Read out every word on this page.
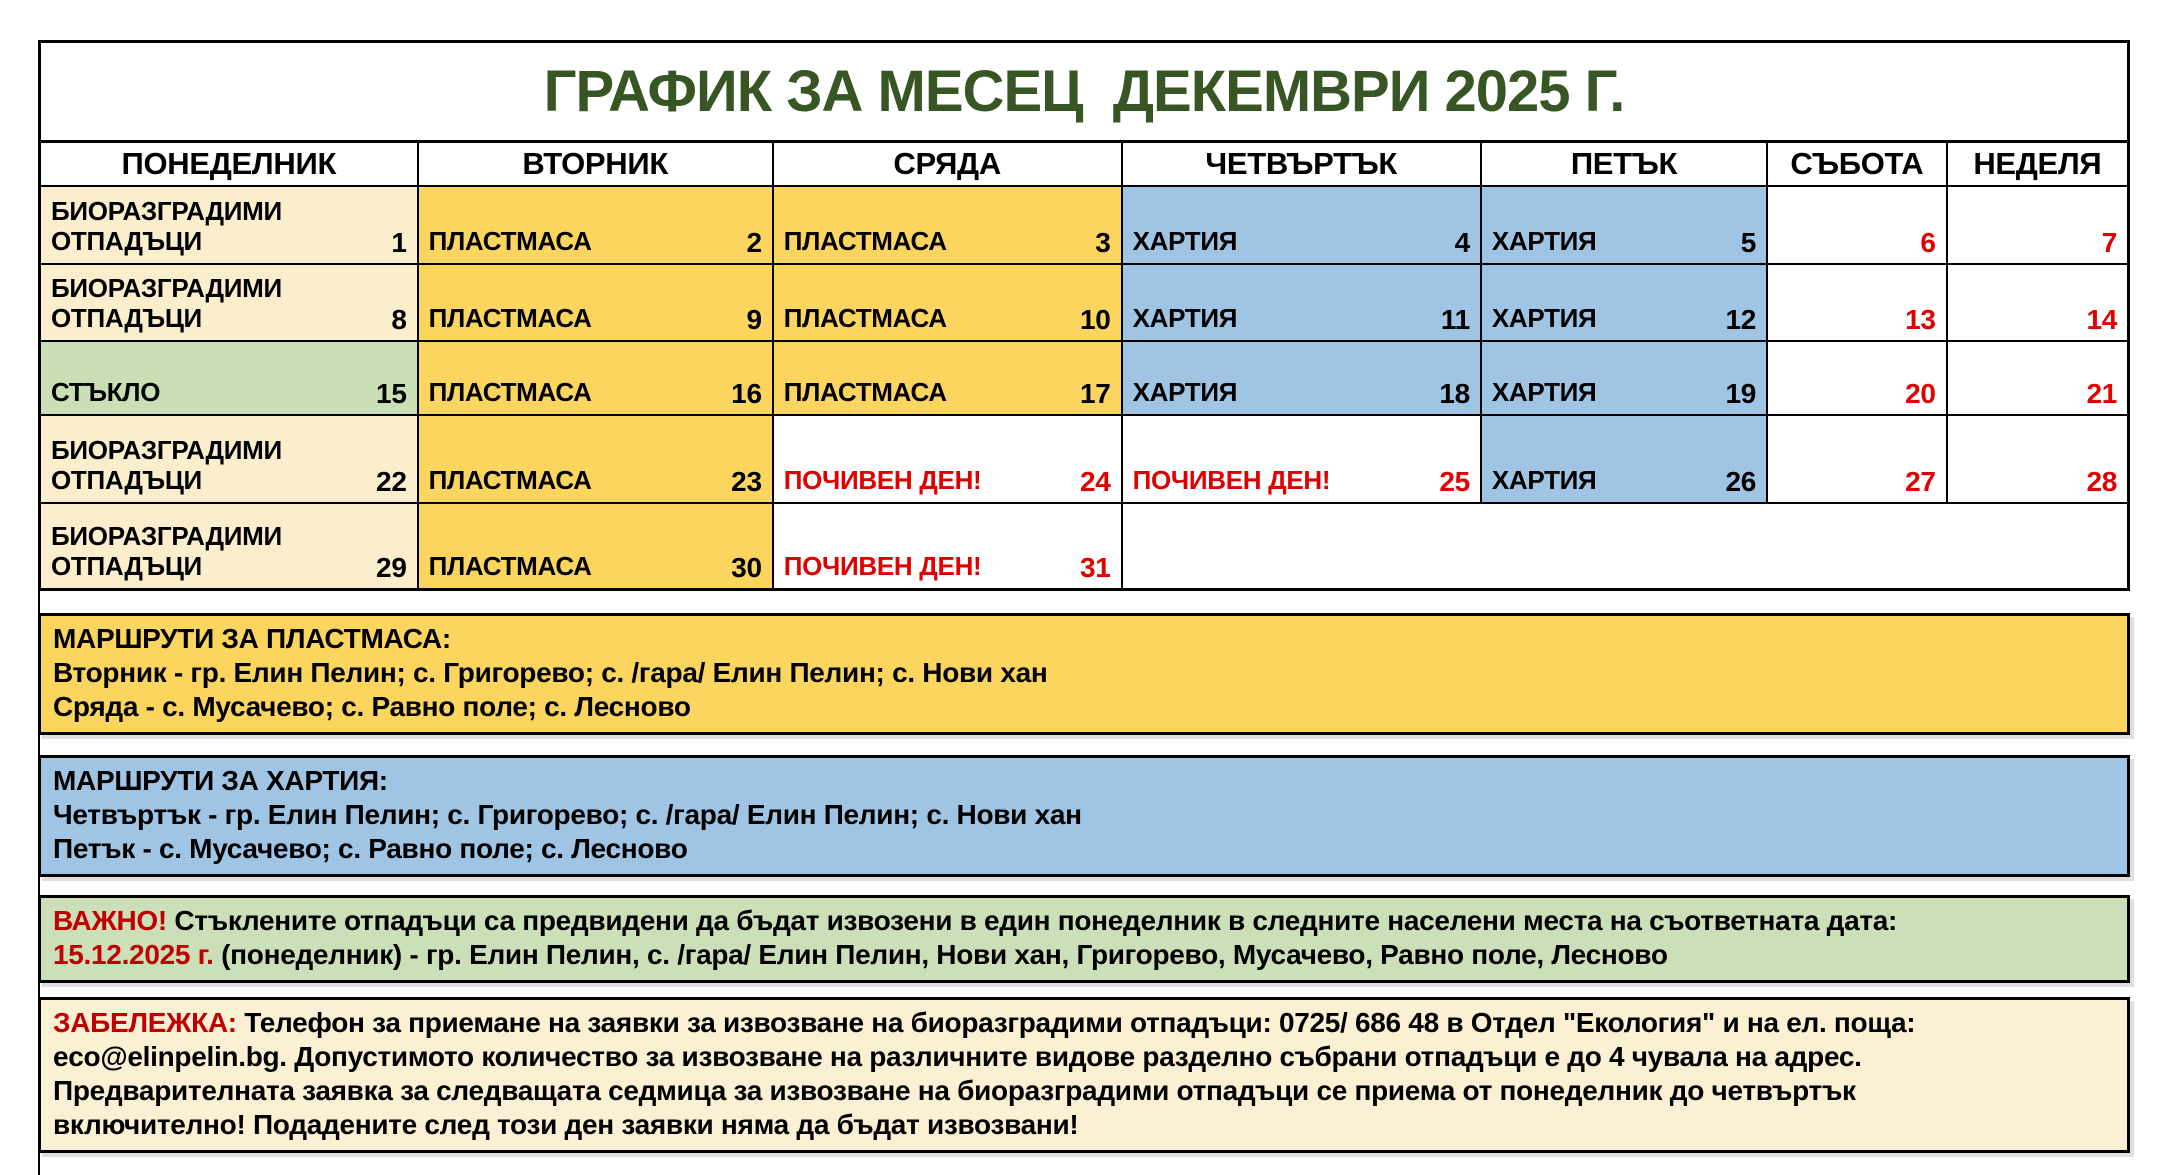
ГРАФИК ЗА МЕСЕЦ  ДЕКЕМВРИ 2025 Г.
ПОНЕДЕЛНИК	ВТОРНИК	СРЯДА	ЧЕТВЪРТЪК	ПЕТЪК	СЪБОТА	НЕДЕЛЯ

БИОРАЗГРАДИМИ ОТПАДЪЦИ 1	ПЛАСТМАСА 2	ПЛАСТМАСА 3	ХАРТИЯ 4	ХАРТИЯ 5	6	7

БИОРАЗГРАДИМИ ОТПАДЪЦИ 8	ПЛАСТМАСА 9	ПЛАСТМАСА 10	ХАРТИЯ 11	ХАРТИЯ 12	13	14

СТЪКЛО 15	ПЛАСТМАСА 16	ПЛАСТМАСА 17	ХАРТИЯ 18	ХАРТИЯ 19	20	21

БИОРАЗГРАДИМИ ОТПАДЪЦИ 22	ПЛАСТМАСА 23	ПОЧИВЕН ДЕН! 24	ПОЧИВЕН ДЕН! 25	ХАРТИЯ 26	27	28

БИОРАЗГРАДИМИ ОТПАДЪЦИ 29	ПЛАСТМАСА 30	ПОЧИВЕН ДЕН! 31				

МАРШРУТИ ЗА ПЛАСТМАСА:
Вторник - гр. Елин Пелин; с. Григорево; с. /гара/ Елин Пелин; с. Нови хан
Сряда - с. Мусачево; с. Равно поле; с. Лесново
МАРШРУТИ ЗА ХАРТИЯ:
Четвъртък - гр. Елин Пелин; с. Григорево; с. /гара/ Елин Пелин; с. Нови хан
Петък - с. Мусачево; с. Равно поле; с. Лесново
ВАЖНО! Стъклените отпадъци са предвидени да бъдат извозени в един понеделник в следните населени места на съответната дата:
15.12.2025 г. (понеделник) - гр. Елин Пелин, с. /гара/ Елин Пелин, Нови хан, Григорево, Мусачево, Равно поле, Лесново
ЗАБЕЛЕЖКА: Телефон за приемане на заявки за извозване на биоразградими отпадъци: 0725/ 686 48 в Отдел "Екология" и на ел. поща:
eco@elinpelin.bg. Допустимото количество за извозване на различните видове разделно събрани отпадъци е до 4 чувала на адрес.
Предварителната заявка за следващата седмица за извозване на биоразградими отпадъци се приема от понеделник до четвъртък
включително! Подадените след този ден заявки няма да бъдат извозвани!
